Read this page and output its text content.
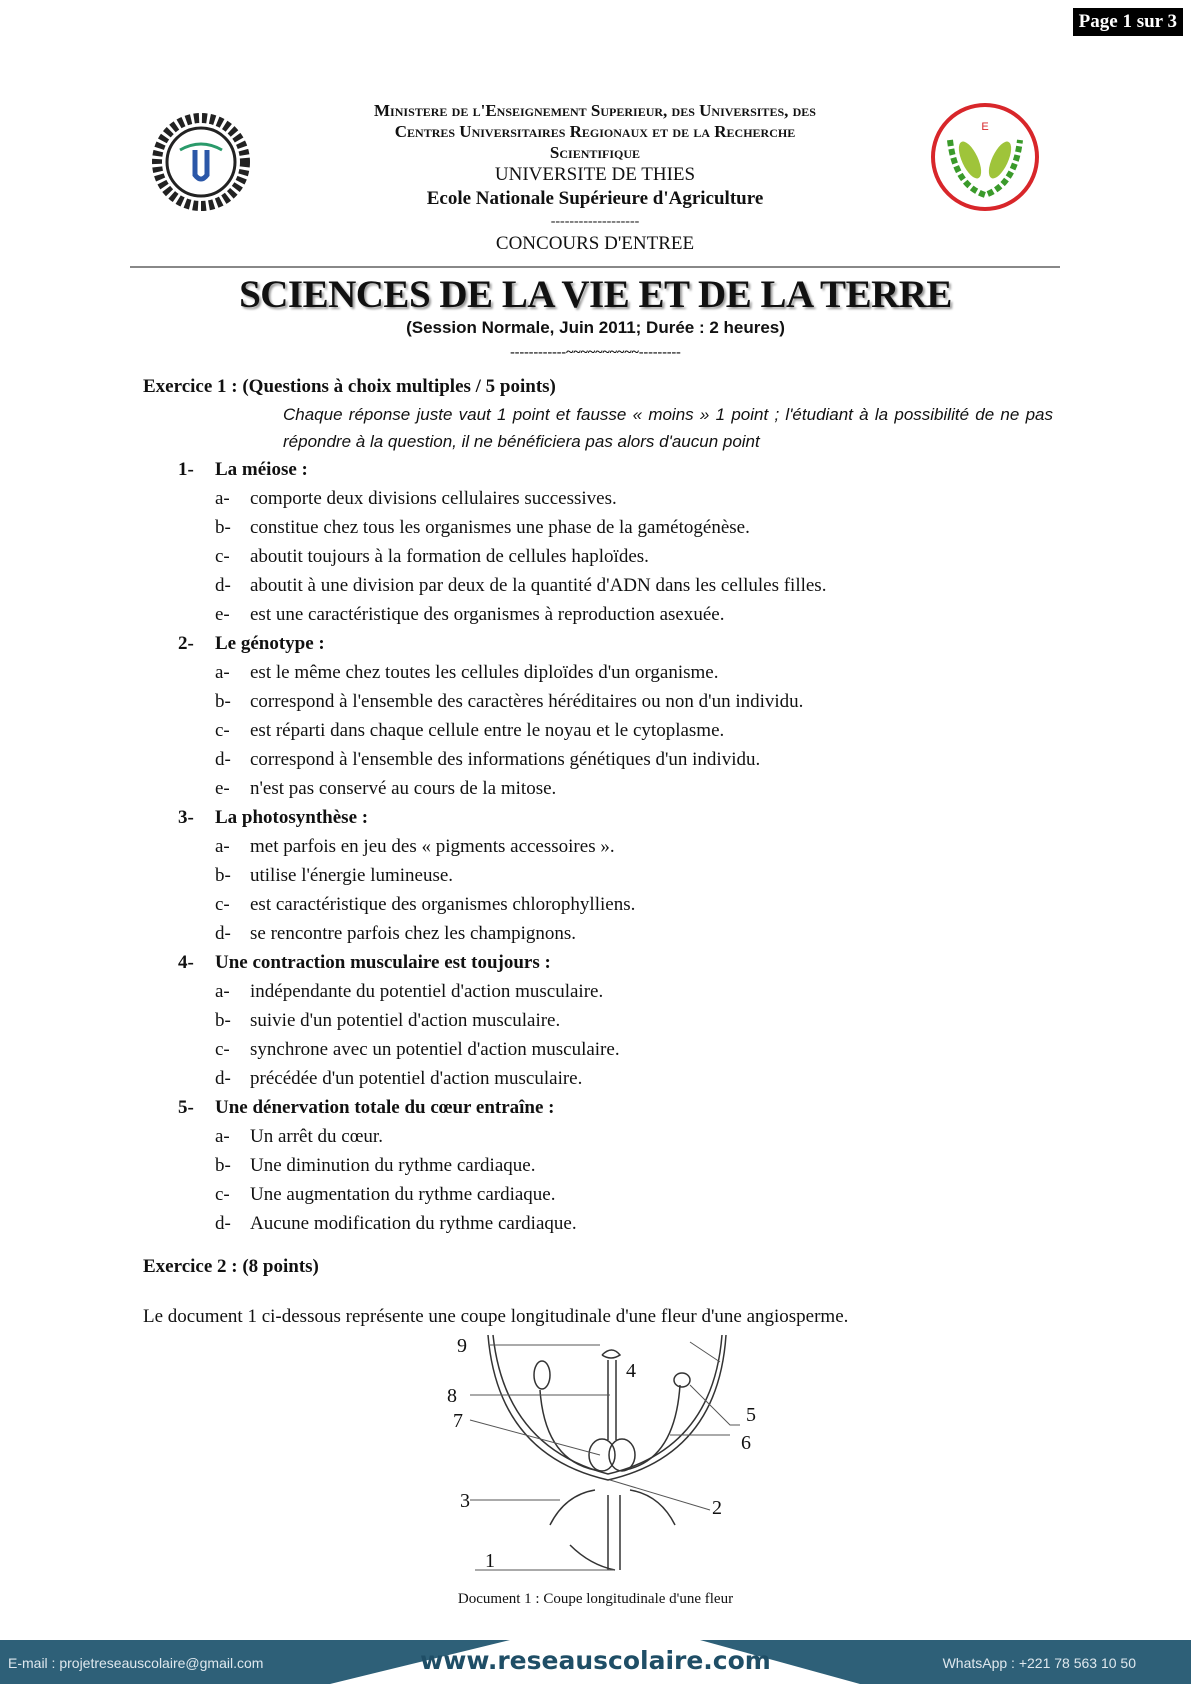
Page 1 sur 3
E
Ministere de l'Enseignement Superieur, des Universites, des
Centres Universitaires Regionaux et de la Recherche
Scientifique
UNIVERSITE DE THIES
Ecole Nationale Supérieure d'Agriculture
-------------------
CONCOURS D'ENTREE
SCIENCES DE LA VIE ET DE LA TERRE
(Session Normale, Juin 2011; Durée : 2 heures)
------------~~~~~~~~~~---------
Exercice 1 : (Questions à choix multiples / 5 points)
Chaque réponse juste vaut 1 point et fausse « moins » 1 point ; l'étudiant à la possibilité de ne pas répondre à la question, il ne bénéficiera pas alors d'aucun point
1- La méiose :
a- comporte deux divisions cellulaires successives.
b- constitue chez tous les organismes une phase de la gamétogénèse.
c- aboutit toujours à la formation de cellules haploïdes.
d- aboutit à une division par deux de la quantité d'ADN dans les cellules filles.
e- est une caractéristique des organismes à reproduction asexuée.
2- Le génotype :
a- est le même chez toutes les cellules diploïdes d'un organisme.
b- correspond à l'ensemble des caractères héréditaires ou non d'un individu.
c- est réparti dans chaque cellule entre le noyau et le cytoplasme.
d- correspond à l'ensemble des informations génétiques d'un individu.
e- n'est pas conservé au cours de la mitose.
3- La photosynthèse :
a- met parfois en jeu des « pigments accessoires ».
b- utilise l'énergie lumineuse.
c- est caractéristique des organismes chlorophylliens.
d- se rencontre parfois chez les champignons.
4- Une contraction musculaire est toujours :
a- indépendante du potentiel d'action musculaire.
b- suivie d'un potentiel d'action musculaire.
c- synchrone avec un potentiel d'action musculaire.
d- précédée d'un potentiel d'action musculaire.
5- Une dénervation totale du cœur entraîne :
a- Un arrêt du cœur.
b- Une diminution du rythme cardiaque.
c- Une augmentation du rythme cardiaque.
d- Aucune modification du rythme cardiaque.
Exercice 2 : (8 points)
Le document 1 ci-dessous représente une coupe longitudinale d'une fleur d'une angiosperme.
9
4
8
7	5
6
3	2
1
Document 1 : Coupe longitudinale d'une fleur
E-mail : projetreseauscolaire@gmail.com	www.reseauscolaire.com	WhatsApp : +221 78 563 10 50
